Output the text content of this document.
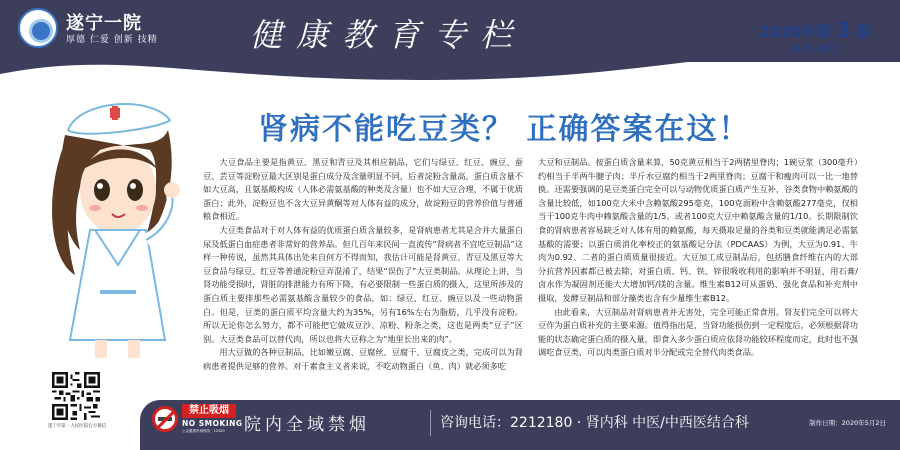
遂宁一院
厚德 仁爱 创新 技精	健康教育专栏	2020年第 3 期
（5月~6月）
肾病不能吃豆类？ 正确答案在这！

大豆食品主要是指黄豆、黑豆和青豆及其相应制品，它们与绿豆、红豆、豌豆、蚕豆、芸豆等淀粉豆最大区别是蛋白成分及含量明显不同，后者淀粉含量高，蛋白质含量不如大豆高，且氨基酸构成（人体必需氨基酸的种类及含量）也不如大豆合理，不属于优质蛋白；此外，淀粉豆也不含大豆异黄酮等对人体有益的成分，故淀粉豆的营养价值与普通粮食相近。

大豆类食品对于对人体有益的优质蛋白质含量较多，是肾病患者尤其是合并大量蛋白尿及低蛋白血症患者非常好的营养品。但几百年来民间一直流传“肾病者不宜吃豆制品”这样一种传说，虽然其具体出处来自何方不得而知，我估计可能是肾黄豆、青豆及黑豆等大豆食品与绿豆、红豆等普通淀粉豆弄混淆了，结果“误伤了”大豆类制品。从理论上讲，当肾功能受损时，肾脏的排泄能力有所下降，有必要限制一些蛋白质的摄入，这里所涉及的蛋白质主要排那些必需氨基酸含量较少的食品，如：绿豆、红豆、豌豆以及一些动物蛋白。但是，豆类的蛋白质平均含量大约为35%，另有16%左右为脂肪，几乎没有淀粉。所以无论你怎么努力，都不可能把它做成豆沙、凉粉、粉条之类，这也是两类“豆子”区别。大豆类食品可以替代肉，所以也将大豆称之为“地里长出来的肉”。

用大豆做的各种豆制品，比如嫩豆腐、豆腐丝、豆腐干、豆腐皮之类，完成可以为肾病患者提供足够的营养。对于素食主义者来说，不吃动物蛋白（鱼、肉）就必须多吃

大豆和豆制品。按蛋白质含量来算，50克黄豆相当于2两猪里脊肉；1碗豆浆（300毫升）约相当于半两牛腱子肉；半斤水豆腐约相当于2两里脊肉；豆腐干和瘦肉可以一比一地替换。还需要强调的是豆类蛋白完全可以与动物优质蛋白质产生互补，谷类食物中赖氨酸的含量比较低，如100克大米中含赖氨酸295毫克，100克面粉中含赖氨酸277毫克，仅相当于100克牛肉中赖氨酸含量的1/5。或者100克大豆中赖氨酸含量的1/10。长期限制饮食的肾病患者容易缺乏对人体有用的赖氨酸，每天摄取足量的谷类和豆类就能满足必需氨基酸的需要；以蛋白质消化率校正的氨基酸记分法（PDCAAS）为例，大豆为0.91、牛肉为0.92、二者的蛋白质质量很接近。大豆加工成豆制品后，包括膳食纤维在内的大部分抗营养因素都已被去除，对蛋白质、钙、铁、锌很吸收利用的影响并不明显，用石膏/卤水作为凝固剂还能大大增加钙/镁的含量。维生素B12可从蛋奶、强化食品和补充剂中摄取，发酵豆制品和部分藻类也含有少量维生素B12。

由此看来，大豆制品对肾病患者并无害处，完全可能正常食用。肾友们完全可以将大豆作为蛋白质补充的主要来源。值得指出是，当肾功能损伤到一定程度后，必须根据肾功能的状态确定蛋白质的摄入量，即食入多少蛋白质应依肾功能较环程度而定，此时也不强调吃食豆类，可以肉类蛋白质对半分配或完全替代肉类食品。

遂宁市第一人民医院官方微信
禁止吸烟
NO SMOKING
公众健康咨询热线：12320 院内全域禁烟	咨询电话：2212180 · 肾内科 中医/中西医结合科	制作日期：2020年5月2日
